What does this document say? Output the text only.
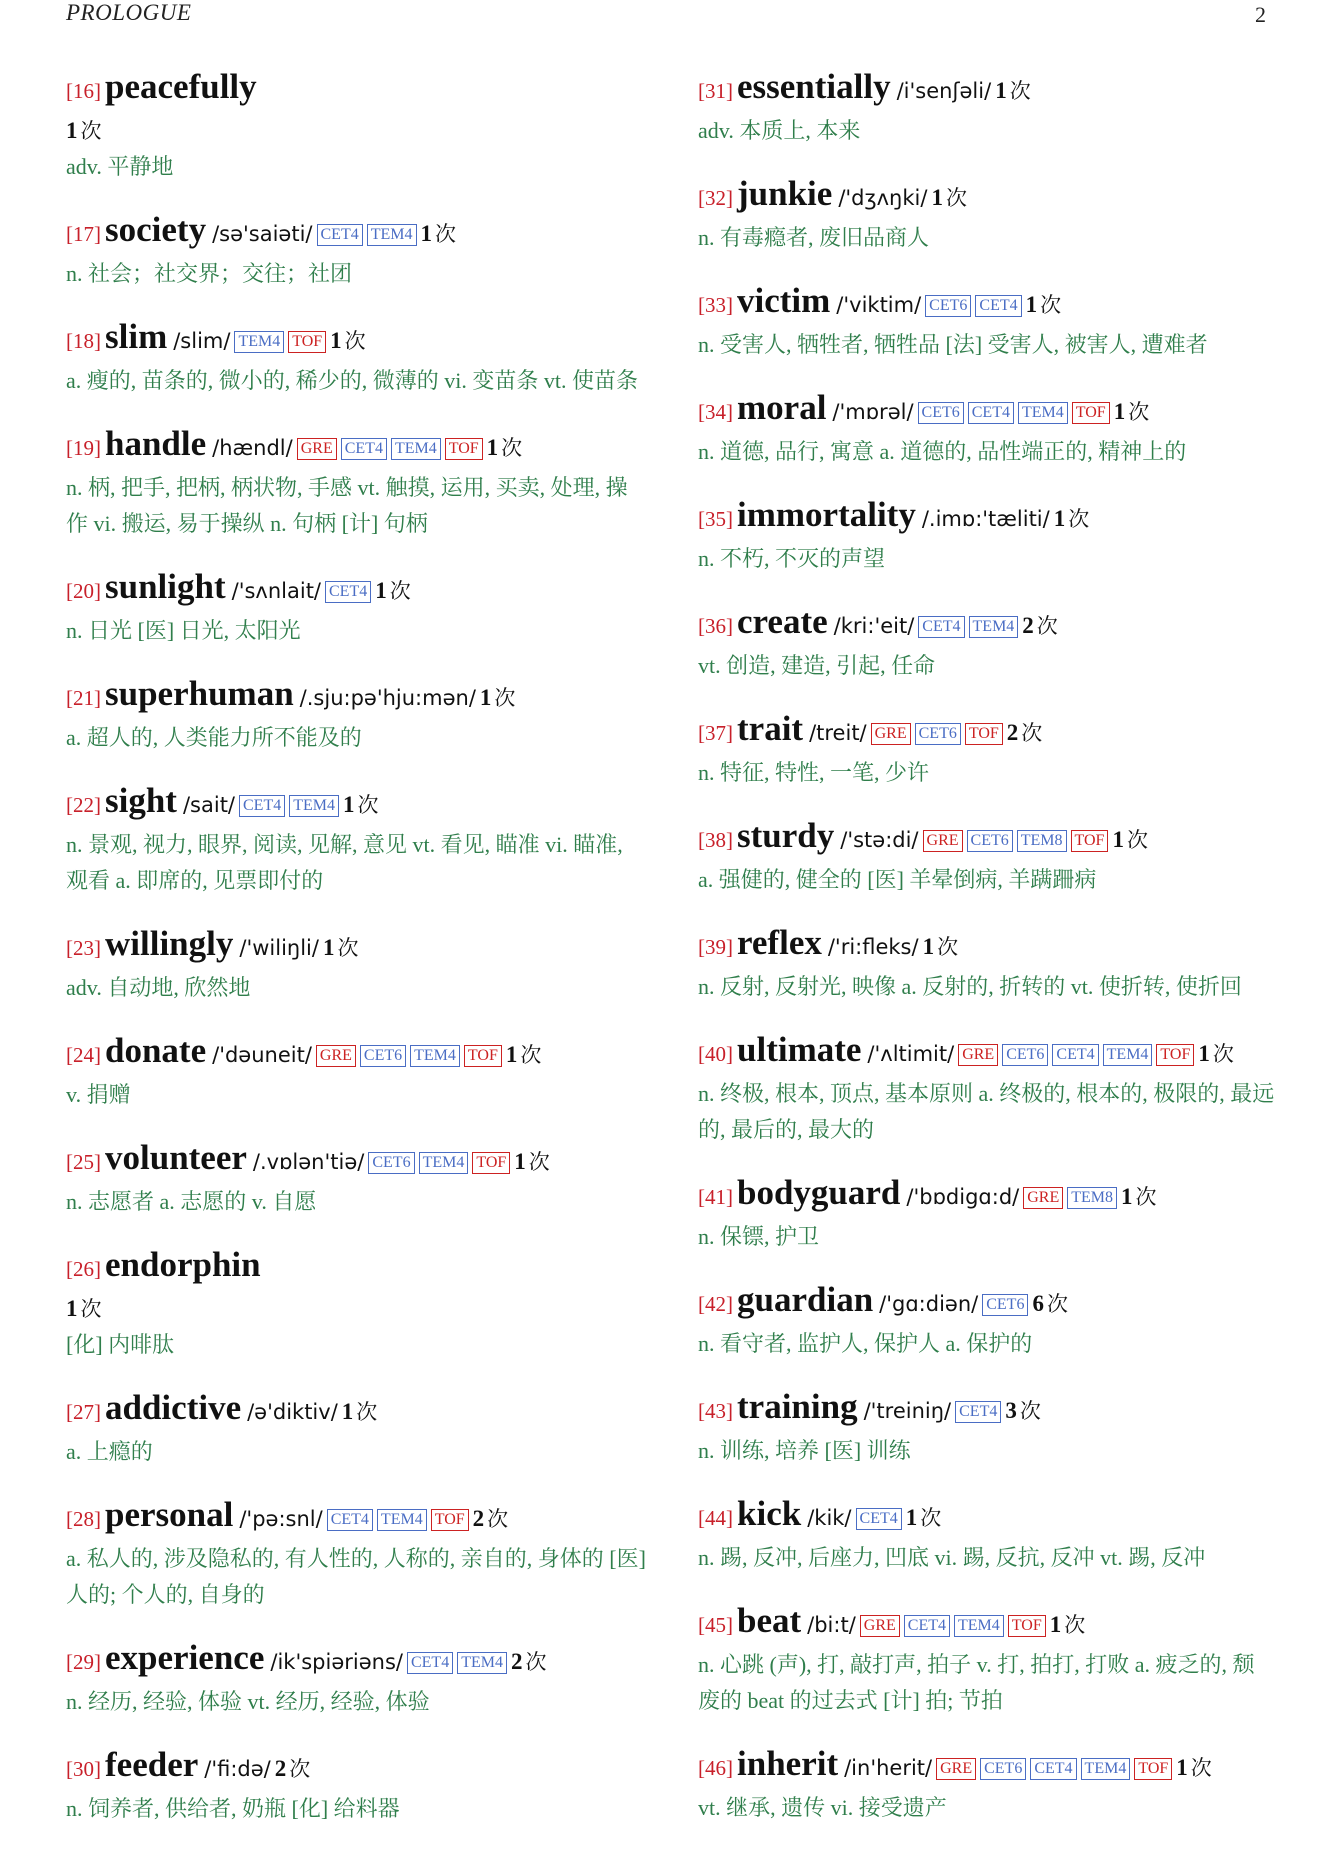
PROLOGUE	2
[16] peacefully
1 次
adv. 平静地
[17] society /sə'saiəti/ CET4 TEM4 1 次
n. 社会；社交界；交往；社团
[18] slim /slim/ TEM4 TOF 1 次
a. 瘦的, 苗条的, 微小的, 稀少的, 微薄的 vi. 变苗条 vt. 使苗条
[19] handle /hændl/ GRE CET4 TEM4 TOF 1 次
n. 柄, 把手, 把柄, 柄状物, 手感 vt. 触摸, 运用, 买卖, 处理, 操作 vi. 搬运, 易于操纵 n. 句柄 [计] 句柄
[20] sunlight /'sʌnlait/ CET4 1 次
n. 日光 [医] 日光, 太阳光
[21] superhuman /.sju:pə'hju:mən/ 1 次
a. 超人的, 人类能力所不能及的
[22] sight /sait/ CET4 TEM4 1 次
n. 景观, 视力, 眼界, 阅读, 见解, 意见 vt. 看见, 瞄准 vi. 瞄准, 观看 a. 即席的, 见票即付的
[23] willingly /'wiliŋli/ 1 次
adv. 自动地, 欣然地
[24] donate /'dəuneit/ GRE CET6 TEM4 TOF 1 次
v. 捐赠
[25] volunteer /.vɒlən'tiə/ CET6 TEM4 TOF 1 次
n. 志愿者 a. 志愿的 v. 自愿
[26] endorphin
1 次
[化] 内啡肽
[27] addictive /ə'diktiv/ 1 次
a. 上瘾的
[28] personal /'pə:snl/ CET4 TEM4 TOF 2 次
a. 私人的, 涉及隐私的, 有人性的, 人称的, 亲自的, 身体的 [医] 人的; 个人的, 自身的
[29] experience /ik'spiəriəns/ CET4 TEM4 2 次
n. 经历, 经验, 体验 vt. 经历, 经验, 体验
[30] feeder /'fi:də/ 2 次
n. 饲养者, 供给者, 奶瓶 [化] 给料器
[31] essentially /i'senʃəli/ 1 次
adv. 本质上, 本来
[32] junkie /'dʒʌŋki/ 1 次
n. 有毒瘾者, 废旧品商人
[33] victim /'viktim/ CET6 CET4 1 次
n. 受害人, 牺牲者, 牺牲品 [法] 受害人, 被害人, 遭难者
[34] moral /'mɒrəl/ CET6 CET4 TEM4 TOF 1 次
n. 道德, 品行, 寓意 a. 道德的, 品性端正的, 精神上的
[35] immortality /.imɒ:'tæliti/ 1 次
n. 不朽, 不灭的声望
[36] create /kri:'eit/ CET4 TEM4 2 次
vt. 创造, 建造, 引起, 任命
[37] trait /treit/ GRE CET6 TOF 2 次
n. 特征, 特性, 一笔, 少许
[38] sturdy /'stə:di/ GRE CET6 TEM8 TOF 1 次
a. 强健的, 健全的 [医] 羊晕倒病, 羊蹒跚病
[39] reflex /'ri:fleks/ 1 次
n. 反射, 反射光, 映像 a. 反射的, 折转的 vt. 使折转, 使折回
[40] ultimate /'ʌltimit/ GRE CET6 CET4 TEM4 TOF 1 次
n. 终极, 根本, 顶点, 基本原则 a. 终极的, 根本的, 极限的, 最远的, 最后的, 最大的
[41] bodyguard /'bɒdigɑ:d/ GRE TEM8 1 次
n. 保镖, 护卫
[42] guardian /'gɑ:diən/ CET6 6 次
n. 看守者, 监护人, 保护人 a. 保护的
[43] training /'treiniŋ/ CET4 3 次
n. 训练, 培养 [医] 训练
[44] kick /kik/ CET4 1 次
n. 踢, 反冲, 后座力, 凹底 vi. 踢, 反抗, 反冲 vt. 踢, 反冲
[45] beat /bi:t/ GRE CET4 TEM4 TOF 1 次
n. 心跳 (声), 打, 敲打声, 拍子 v. 打, 拍打, 打败 a. 疲乏的, 颓废的 beat 的过去式 [计] 拍; 节拍
[46] inherit /in'herit/ GRE CET6 CET4 TEM4 TOF 1 次
vt. 继承, 遗传 vi. 接受遗产
